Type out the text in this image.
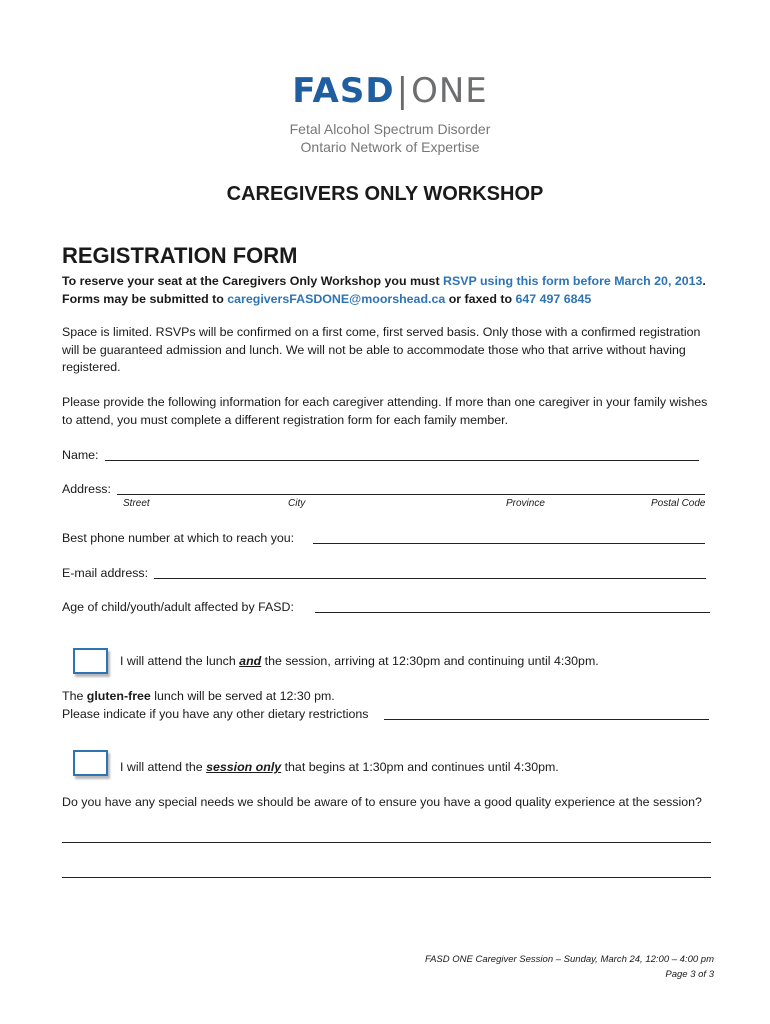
FASD|ONE
Fetal Alcohol Spectrum Disorder
Ontario Network of Expertise
CAREGIVERS ONLY WORKSHOP
REGISTRATION FORM
To reserve your seat at the Caregivers Only Workshop you must RSVP using this form before March 20, 2013.
Forms may be submitted to caregiversFASDONE@moorshead.ca or faxed to 647 497 6845
Space is limited. RSVPs will be confirmed on a first come, first served basis. Only those with a confirmed registration will be guaranteed admission and lunch. We will not be able to accommodate those who that arrive without having registered.
Please provide the following information for each caregiver attending. If more than one caregiver in your family wishes to attend, you must complete a different registration form for each family member.
Name:
Address:
Street	City	Province	Postal Code
Best phone number at which to reach you:
E-mail address:
Age of child/youth/adult affected by FASD:
I will attend the lunch and the session, arriving at 12:30pm and continuing until 4:30pm.
The gluten-free lunch will be served at 12:30 pm.
Please indicate if you have any other dietary restrictions
I will attend the session only that begins at 1:30pm and continues until 4:30pm.
Do you have any special needs we should be aware of to ensure you have a good quality experience at the session?
FASD ONE Caregiver Session – Sunday, March 24, 12:00 – 4:00 pm
Page 3 of 3
